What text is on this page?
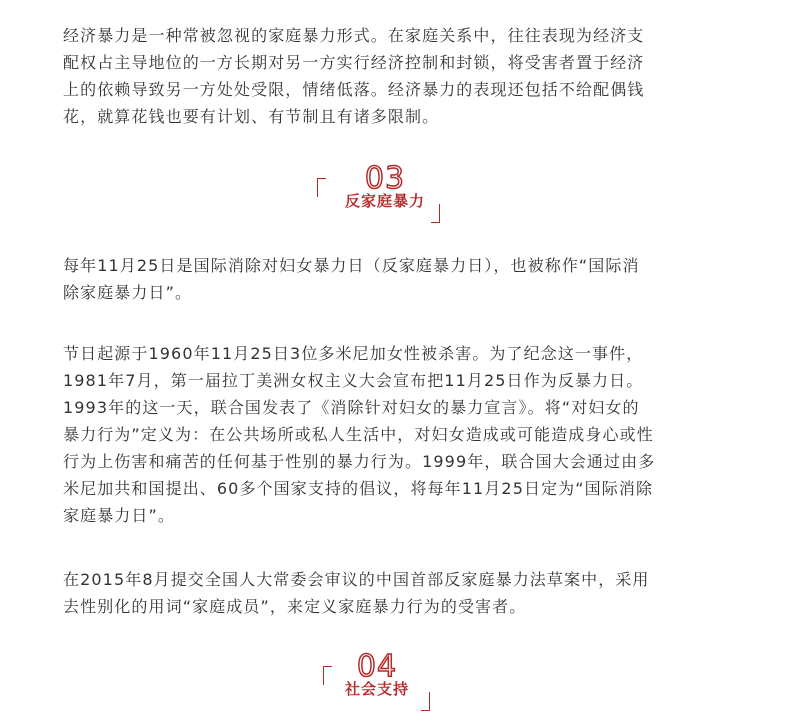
经济暴力是一种常被忽视的家庭暴力形式。在家庭关系中，往往表现为经济支
配权占主导地位的一方长期对另一方实行经济控制和封锁，将受害者置于经济
上的依赖导致另一方处处受限，情绪低落。经济暴力的表现还包括不给配偶钱
花，就算花钱也要有计划、有节制且有诸多限制。
03
反家庭暴力
每年11月25日是国际消除对妇女暴力日（反家庭暴力日），也被称作“国际消
除家庭暴力日”。
节日起源于1960年11月25日3位多米尼加女性被杀害。为了纪念这一事件，
1981年7月，第一届拉丁美洲女权主义大会宣布把11月25日作为反暴力日。
1993年的这一天，联合国发表了《消除针对妇女的暴力宣言》。将“对妇女的
暴力行为”定义为：在公共场所或私人生活中，对妇女造成或可能造成身心或性
行为上伤害和痛苦的任何基于性别的暴力行为。1999年，联合国大会通过由多
米尼加共和国提出、60多个国家支持的倡议，将每年11月25日定为“国际消除
家庭暴力日”。
在2015年8月提交全国人大常委会审议的中国首部反家庭暴力法草案中，采用
去性别化的用词“家庭成员”，来定义家庭暴力行为的受害者。
04
社会支持
